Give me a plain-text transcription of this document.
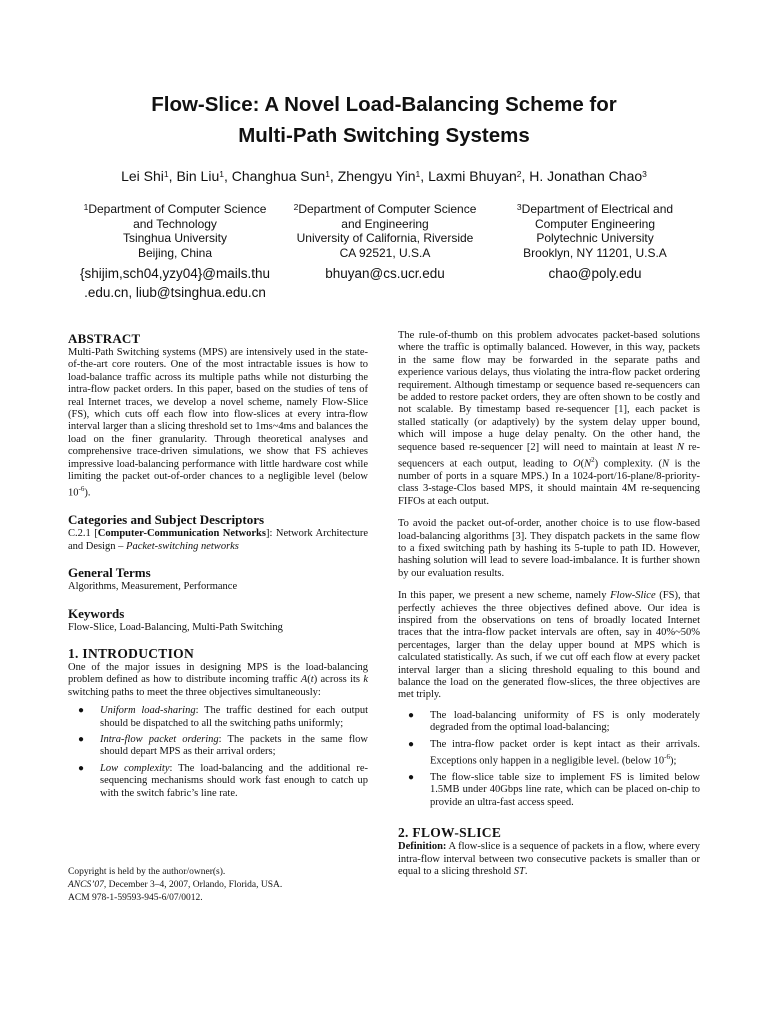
Flow-Slice: A Novel Load-Balancing Scheme for
Multi-Path Switching Systems
Lei Shi$^1$, Bin Liu$^1$, Changhua Sun$^1$, Zhengyu Yin$^1$, Laxmi Bhuyan$^2$, H. Jonathan Chao$^3$
$^1$Department of Computer Science
and Technology
Tsinghua University
Beijing, China
$^2$Department of Computer Science
and Engineering
University of California, Riverside
CA 92521, U.S.A
$^3$Department of Electrical and
Computer Engineering
Polytechnic University
Brooklyn, NY 11201, U.S.A
{shijim,sch04,yzy04}@mails.thu
.edu.cn, liub@tsinghua.edu.cn
bhuyan@cs.ucr.edu	chao@poly.edu
ABSTRACT

Multi-Path Switching systems (MPS) are intensively used in the state-of-the-art core routers. One of the most intractable issues is how to load-balance traffic across its multiple paths while not disturbing the intra-flow packet orders. In this paper, based on the studies of tens of real Internet traces, we develop a novel scheme, namely Flow-Slice (FS), which cuts off each flow into flow-slices at every intra-flow interval larger than a slicing threshold set to 1ms~4ms and balances the load on the finer granularity. Through theoretical analyses and comprehensive trace-driven simulations, we show that FS achieves impressive load-balancing performance with little hardware cost while limiting the packet out-of-order chances to a negligible level (below $10^{-6}$).

Categories and Subject Descriptors

C.2.1 [Computer-Communication Networks]: Network Architecture and Design – Packet-switching networks

General Terms

Algorithms, Measurement, Performance

Keywords

Flow-Slice, Load-Balancing, Multi-Path Switching

1. INTRODUCTION

One of the major issues in designing MPS is the load-balancing problem defined as how to distribute incoming traffic A(t) across its k switching paths to meet the three objectives simultaneously:

● Uniform load-sharing: The traffic destined for each output should be dispatched to all the switching paths uniformly;
● Intra-flow packet ordering: The packets in the same flow should depart MPS as their arrival orders;
● Low complexity: The load-balancing and the additional re-sequencing mechanisms should work fast enough to catch up with the switch fabric’s line rate.
Copyright is held by the author/owner(s).
ANCS’07, December 3–4, 2007, Orlando, Florida, USA.
ACM 978-1-59593-945-6/07/0012.

The rule-of-thumb on this problem advocates packet-based solutions where the traffic is optimally balanced. However, in this way, packets in the same flow may be forwarded in the separate paths and experience various delays, thus violating the intra-flow packet ordering requirement. Although timestamp or sequence based re-sequencers can be added to restore packet orders, they are often shown to be costly and not scalable. By timestamp based re-sequencer [1], each packet is stalled statically (or adaptively) by the system delay upper bound, which will impose a huge delay penalty. On the other hand, the sequence based re-sequencer [2] will need to maintain at least N re-sequencers at each output, leading to $O(N^2)$ complexity. (N is the number of ports in a square MPS.) In a 1024-port/16-plane/8-priority-class 3-stage-Clos based MPS, it should maintain 4M re-sequencing FIFOs at each output.

To avoid the packet out-of-order, another choice is to use flow-based load-balancing algorithms [3]. They dispatch packets in the same flow to a fixed switching path by hashing its 5-tuple to path ID. However, hashing solution will lead to severe load-imbalance. It is further shown by our evaluation results.

In this paper, we present a new scheme, namely Flow-Slice (FS), that perfectly achieves the three objectives defined above. Our idea is inspired from the observations on tens of broadly located Internet traces that the intra-flow packet intervals are often, say in 40%~50% percentages, larger than the delay upper bound at MPS which is calculated statistically. As such, if we cut off each flow at every packet interval larger than a slicing threshold equaling to this bound and balance the load on the generated flow-slices, the three objectives are met triply.

● The load-balancing uniformity of FS is only moderately degraded from the optimal load-balancing;
● The intra-flow packet order is kept intact as their arrivals. Exceptions only happen in a negligible level. (below $10^{-6}$);
● The flow-slice table size to implement FS is limited below 1.5MB under 40Gbps line rate, which can be placed on-chip to provide an ultra-fast access speed.
2. FLOW-SLICE

Definition: A flow-slice is a sequence of packets in a flow, where every intra-flow interval between two consecutive packets is smaller than or equal to a slicing threshold ST.
